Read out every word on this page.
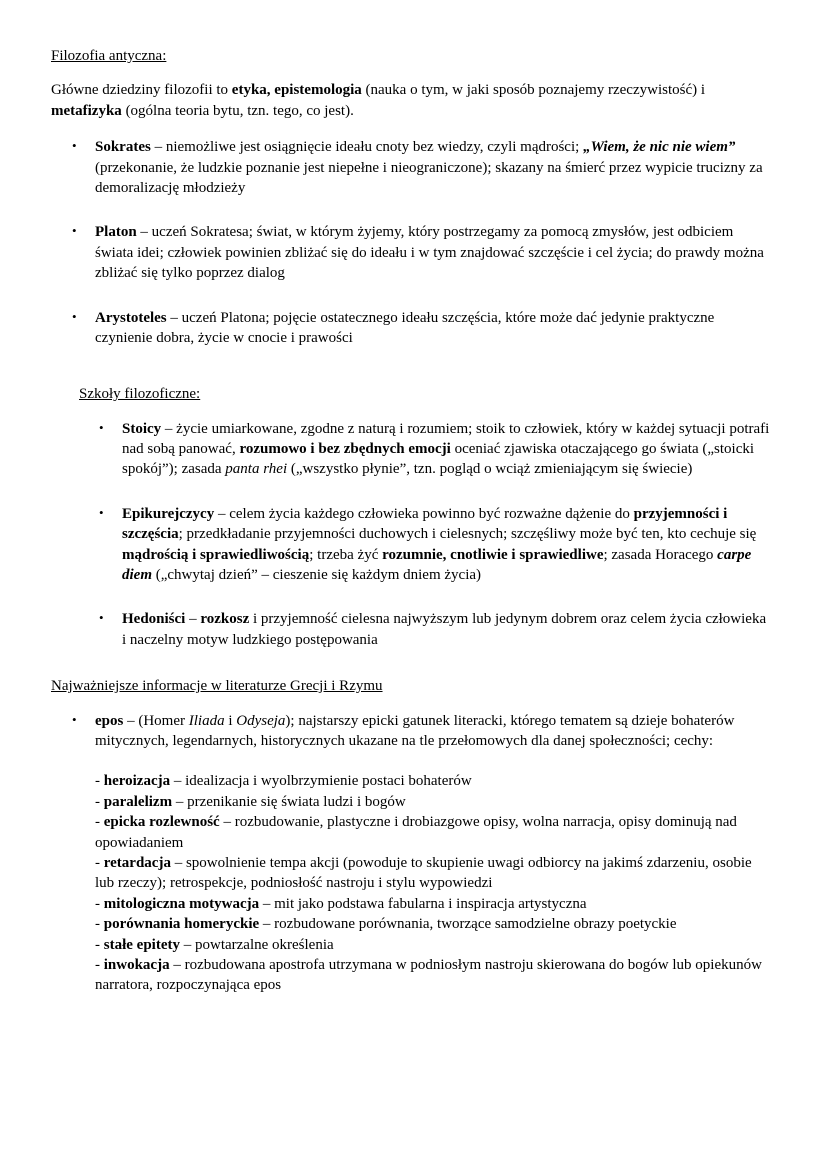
Filozofia antyczna:

Główne dziedziny filozofii to etyka, epistemologia (nauka o tym, w jaki sposób poznajemy rzeczywistość) i metafizyka (ogólna teoria bytu, tzn. tego, co jest).

• Sokrates – niemożliwe jest osiągnięcie ideału cnoty bez wiedzy, czyli mądrości; „Wiem, że nic nie wiem” (przekonanie, że ludzkie poznanie jest niepełne i nieograniczone); skazany na śmierć przez wypicie trucizny za demoralizację młodzieży
• Platon – uczeń Sokratesa; świat, w którym żyjemy, który postrzegamy za pomocą zmysłów, jest odbiciem świata idei; człowiek powinien zbliżać się do ideału i w tym znajdować szczęście i cel życia; do prawdy można zbliżać się tylko poprzez dialog
• Arystoteles – uczeń Platona; pojęcie ostatecznego ideału szczęścia, które może dać jedynie praktyczne czynienie dobra, życie w cnocie i prawości
Szkoły filozoficzne:
• Stoicy – życie umiarkowane, zgodne z naturą i rozumiem; stoik to człowiek, który w każdej sytuacji potrafi nad sobą panować, rozumowo i bez zbędnych emocji oceniać zjawiska otaczającego go świata („stoicki spokój”); zasada panta rhei („wszystko płynie”, tzn. pogląd o wciąż zmieniającym się świecie)
• Epikurejczycy – celem życia każdego człowieka powinno być rozważne dążenie do przyjemności i szczęścia; przedkładanie przyjemności duchowych i cielesnych; szczęśliwy może być ten, kto cechuje się mądrością i sprawiedliwością; trzeba żyć rozumnie, cnotliwie i sprawiedliwe; zasada Horacego carpe diem („chwytaj dzień” – cieszenie się każdym dniem życia)
• Hedoniści – rozkosz i przyjemność cielesna najwyższym lub jedynym dobrem oraz celem życia człowieka i naczelny motyw ludzkiego postępowania
Najważniejsze informacje w literaturze Grecji i Rzymu
• epos – (Homer Iliada i Odyseja); najstarszy epicki gatunek literacki, którego tematem są dzieje bohaterów mitycznych, legendarnych, historycznych ukazane na tle przełomowych dla danej społeczności; cechy:

- heroizacja – idealizacja i wyolbrzymienie postaci bohaterów
- paralelizm – przenikanie się świata ludzi i bogów
- epicka rozlewność – rozbudowanie, plastyczne i drobiazgowe opisy, wolna narracja, opisy dominują nad opowiadaniem
- retardacja – spowolnienie tempa akcji (powoduje to skupienie uwagi odbiorcy na jakimś zdarzeniu, osobie lub rzeczy); retrospekcje, podniosłość nastroju i stylu wypowiedzi
- mitologiczna motywacja – mit jako podstawa fabularna i inspiracja artystyczna
- porównania homeryckie – rozbudowane porównania, tworzące samodzielne obrazy poetyckie
- stałe epitety – powtarzalne określenia
- inwokacja – rozbudowana apostrofa utrzymana w podniosłym nastroju skierowana do bogów lub opiekunów narratora, rozpoczynająca epos
